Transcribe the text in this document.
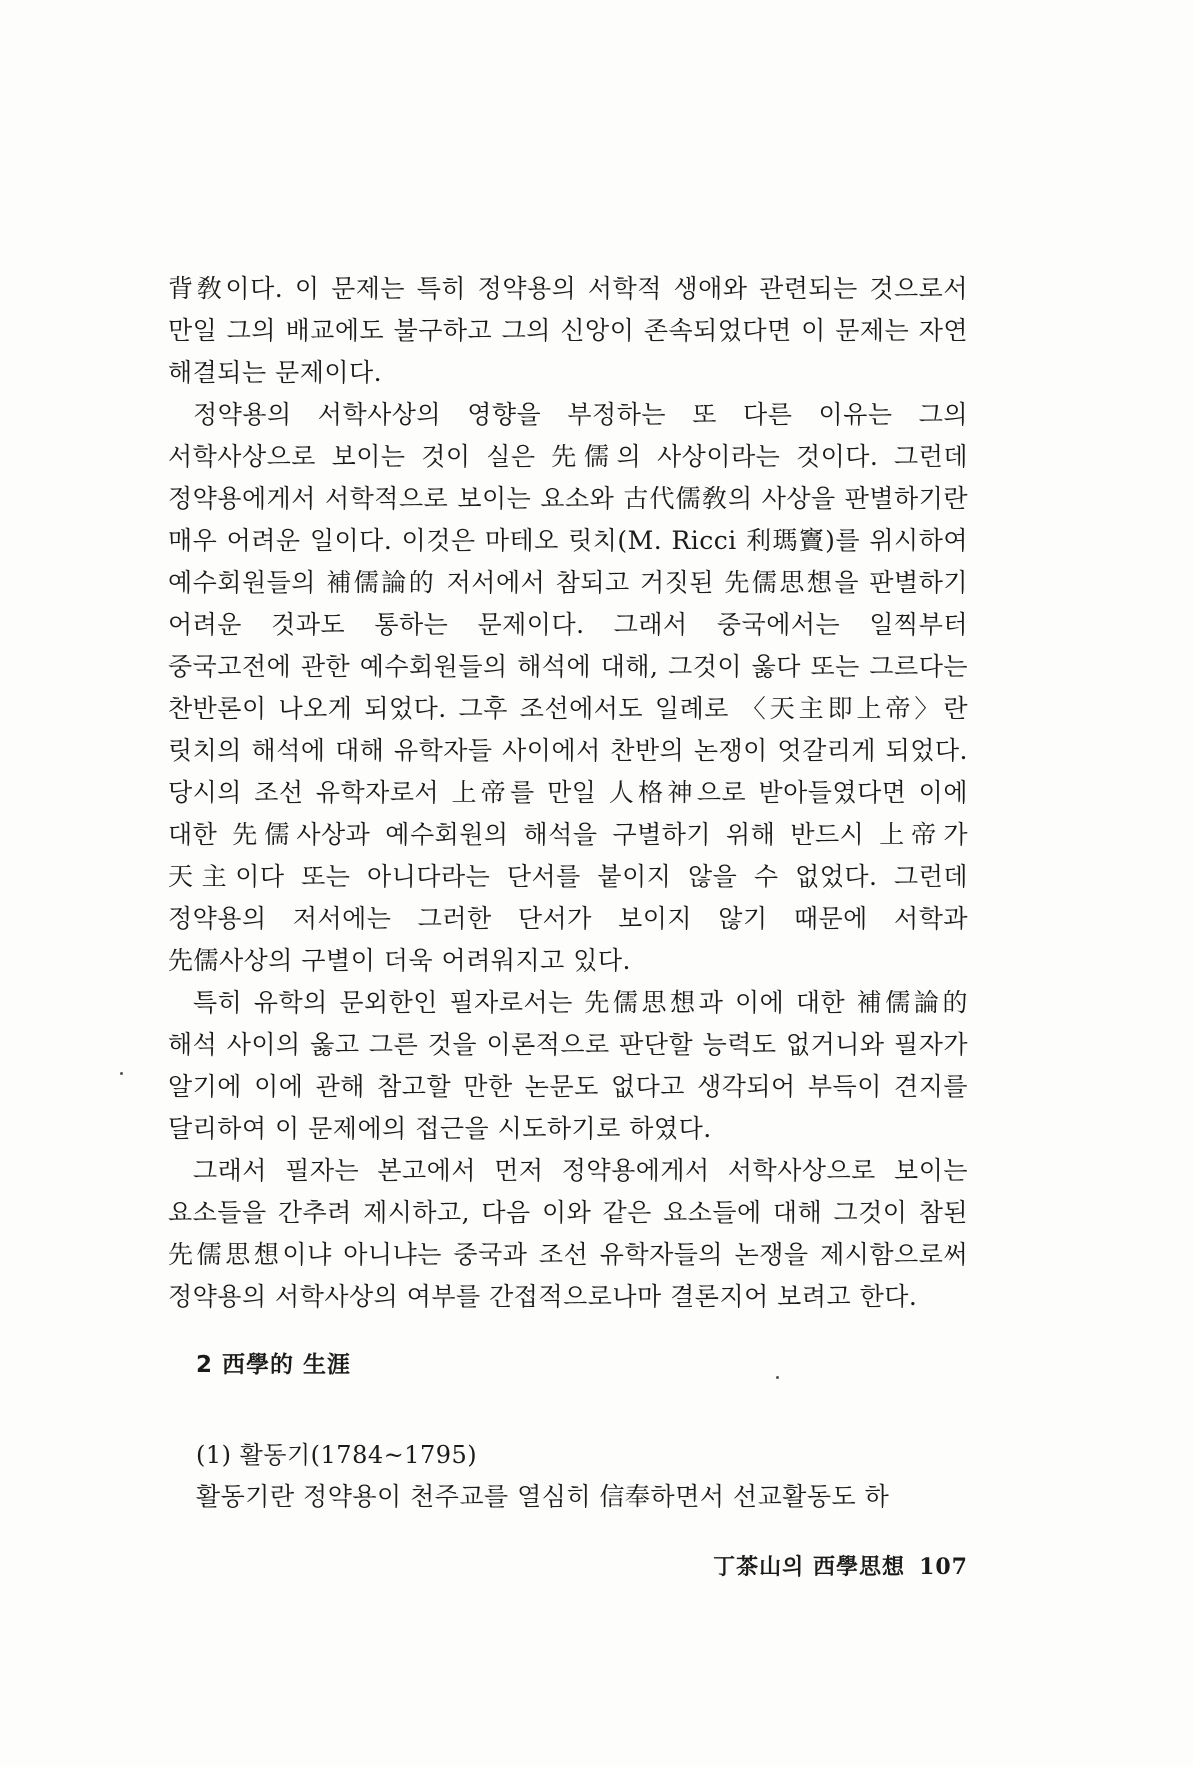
背敎이다. 이 문제는 특히 정약용의 서학적 생애와 관련되는 것으로서 만일 그의 배교에도 불구하고 그의 신앙이 존속되었다면 이 문제는 자연 해결되는 문제이다.

정약용의 서학사상의 영향을 부정하는 또 다른 이유는 그의 서학사상으로 보이는 것이 실은 先儒의 사상이라는 것이다. 그런데 정약용에게서 서학적으로 보이는 요소와 古代儒敎의 사상을 판별하기란 매우 어려운 일이다. 이것은 마테오 릿치(M. Ricci 利瑪竇)를 위시하여 예수회원들의 補儒論的 저서에서 참되고 거짓된 先儒思想을 판별하기 어려운 것과도 통하는 문제이다. 그래서 중국에서는 일찍부터 중국고전에 관한 예수회원들의 해석에 대해, 그것이 옳다 또는 그르다는 찬반론이 나오게 되었다. 그후 조선에서도 일례로 〈天主即上帝〉란 릿치의 해석에 대해 유학자들 사이에서 찬반의 논쟁이 엇갈리게 되었다. 당시의 조선 유학자로서 上帝를 만일 人格神으로 받아들였다면 이에 대한 先儒사상과 예수회원의 해석을 구별하기 위해 반드시 上帝가 天主이다 또는 아니다라는 단서를 붙이지 않을 수 없었다. 그런데 정약용의 저서에는 그러한 단서가 보이지 않기 때문에 서학과 先儒사상의 구별이 더욱 어려워지고 있다.

특히 유학의 문외한인 필자로서는 先儒思想과 이에 대한 補儒論的 해석 사이의 옳고 그른 것을 이론적으로 판단할 능력도 없거니와 필자가 알기에 이에 관해 참고할 만한 논문도 없다고 생각되어 부득이 견지를 달리하여 이 문제에의 접근을 시도하기로 하였다.

그래서 필자는 본고에서 먼저 정약용에게서 서학사상으로 보이는 요소들을 간추려 제시하고, 다음 이와 같은 요소들에 대해 그것이 참된 先儒思想이냐 아니냐는 중국과 조선 유학자들의 논쟁을 제시함으로써 정약용의 서학사상의 여부를 간접적으로나마 결론지어 보려고 한다.

2 西學的 生涯
(1) 활동기(1784~1795)
활동기란 정약용이 천주교를 열심히 信奉하면서 선교활동도 하
丁茶山의 西學思想 107
